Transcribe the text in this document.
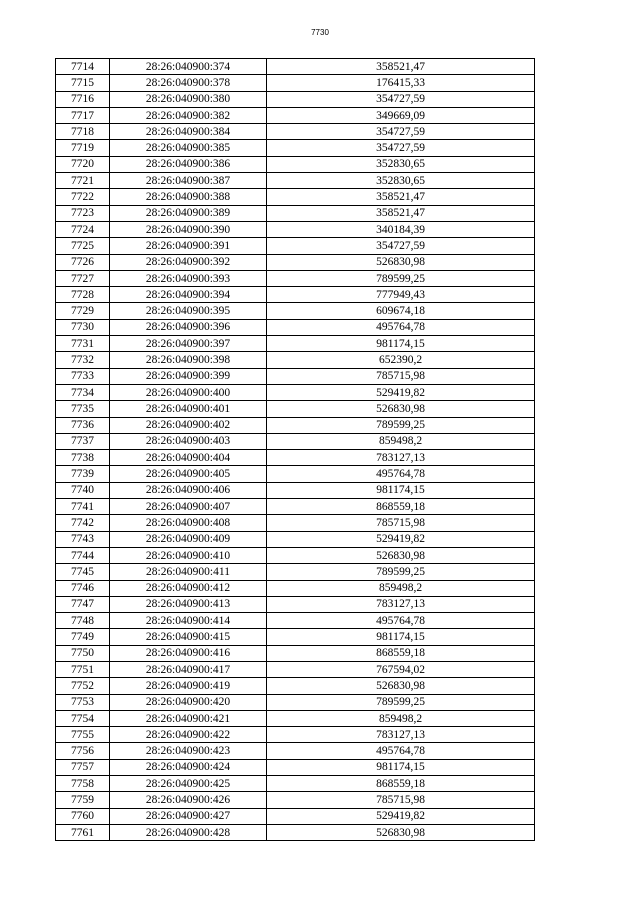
7730
7714	28:26:040900:374	358521,47
7715	28:26:040900:378	176415,33
7716	28:26:040900:380	354727,59
7717	28:26:040900:382	349669,09
7718	28:26:040900:384	354727,59
7719	28:26:040900:385	354727,59
7720	28:26:040900:386	352830,65
7721	28:26:040900:387	352830,65
7722	28:26:040900:388	358521,47
7723	28:26:040900:389	358521,47
7724	28:26:040900:390	340184,39
7725	28:26:040900:391	354727,59
7726	28:26:040900:392	526830,98
7727	28:26:040900:393	789599,25
7728	28:26:040900:394	777949,43
7729	28:26:040900:395	609674,18
7730	28:26:040900:396	495764,78
7731	28:26:040900:397	981174,15
7732	28:26:040900:398	652390,2
7733	28:26:040900:399	785715,98
7734	28:26:040900:400	529419,82
7735	28:26:040900:401	526830,98
7736	28:26:040900:402	789599,25
7737	28:26:040900:403	859498,2
7738	28:26:040900:404	783127,13
7739	28:26:040900:405	495764,78
7740	28:26:040900:406	981174,15
7741	28:26:040900:407	868559,18
7742	28:26:040900:408	785715,98
7743	28:26:040900:409	529419,82
7744	28:26:040900:410	526830,98
7745	28:26:040900:411	789599,25
7746	28:26:040900:412	859498,2
7747	28:26:040900:413	783127,13
7748	28:26:040900:414	495764,78
7749	28:26:040900:415	981174,15
7750	28:26:040900:416	868559,18
7751	28:26:040900:417	767594,02
7752	28:26:040900:419	526830,98
7753	28:26:040900:420	789599,25
7754	28:26:040900:421	859498,2
7755	28:26:040900:422	783127,13
7756	28:26:040900:423	495764,78
7757	28:26:040900:424	981174,15
7758	28:26:040900:425	868559,18
7759	28:26:040900:426	785715,98
7760	28:26:040900:427	529419,82
7761	28:26:040900:428	526830,98
